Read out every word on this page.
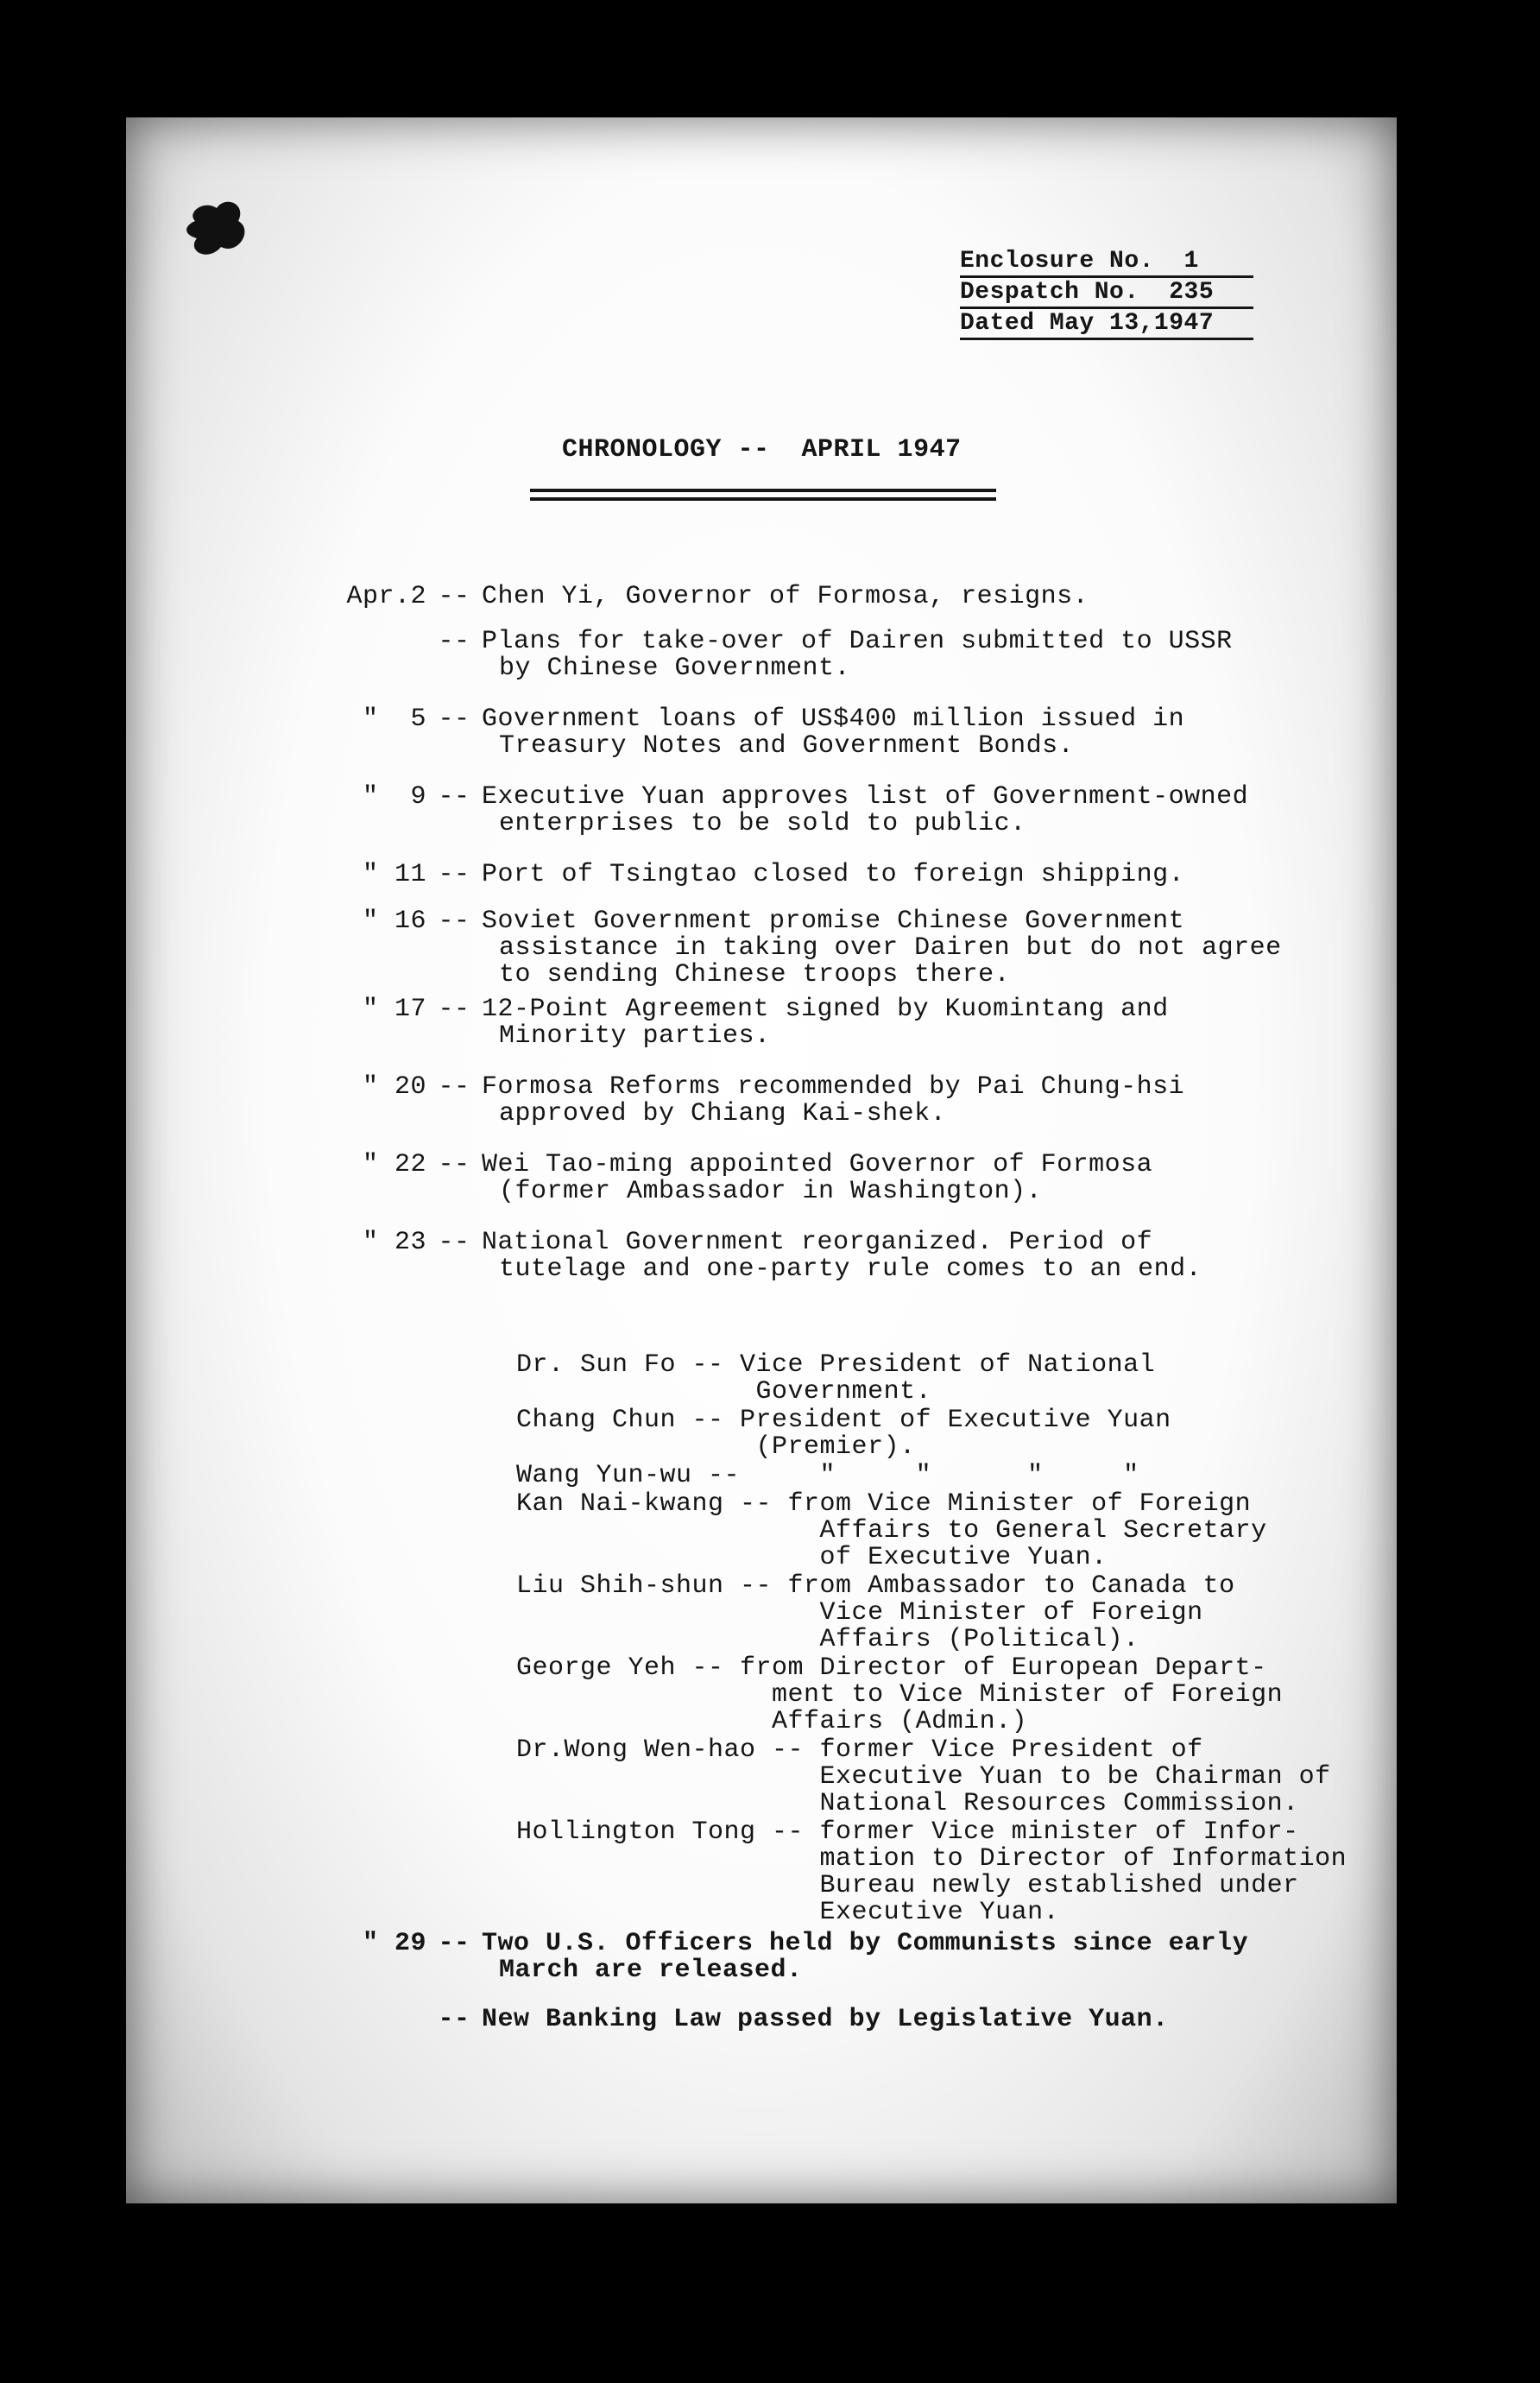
Enclosure No.  1
Despatch No.  235
Dated May 13,1947
CHRONOLOGY --  APRIL 1947
Apr.2 -- Chen Yi, Governor of Formosa, resigns.
-- Plans for take-over of Dairen submitted to USSR
by Chinese Government.
"  5 -- Government loans of US$400 million issued in
Treasury Notes and Government Bonds.
"  9 -- Executive Yuan approves list of Government-owned
enterprises to be sold to public.
" 11 -- Port of Tsingtao closed to foreign shipping.
" 16 -- Soviet Government promise Chinese Government
assistance in taking over Dairen but do not agree
to sending Chinese troops there.
" 17 -- 12-Point Agreement signed by Kuomintang and
Minority parties.
" 20 -- Formosa Reforms recommended by Pai Chung-hsi
approved by Chiang Kai-shek.
" 22 -- Wei Tao-ming appointed Governor of Formosa
(former Ambassador in Washington).
" 23 -- National Government reorganized. Period of
tutelage and one-party rule comes to an end.
Dr. Sun Fo -- Vice President of National
Government.
Chang Chun -- President of Executive Yuan
(Premier).
Wang Yun-wu --     "     "      "     "
Kan Nai-kwang -- from Vice Minister of Foreign
Affairs to General Secretary
of Executive Yuan.
Liu Shih-shun -- from Ambassador to Canada to
Vice Minister of Foreign
Affairs (Political).
George Yeh -- from Director of European Depart-
ment to Vice Minister of Foreign
Affairs (Admin.)
Dr.Wong Wen-hao -- former Vice President of
Executive Yuan to be Chairman of
National Resources Commission.
Hollington Tong -- former Vice minister of Infor-
mation to Director of Information
Bureau newly established under
Executive Yuan.
" 29 -- Two U.S. Officers held by Communists since early
March are released.
-- New Banking Law passed by Legislative Yuan.
